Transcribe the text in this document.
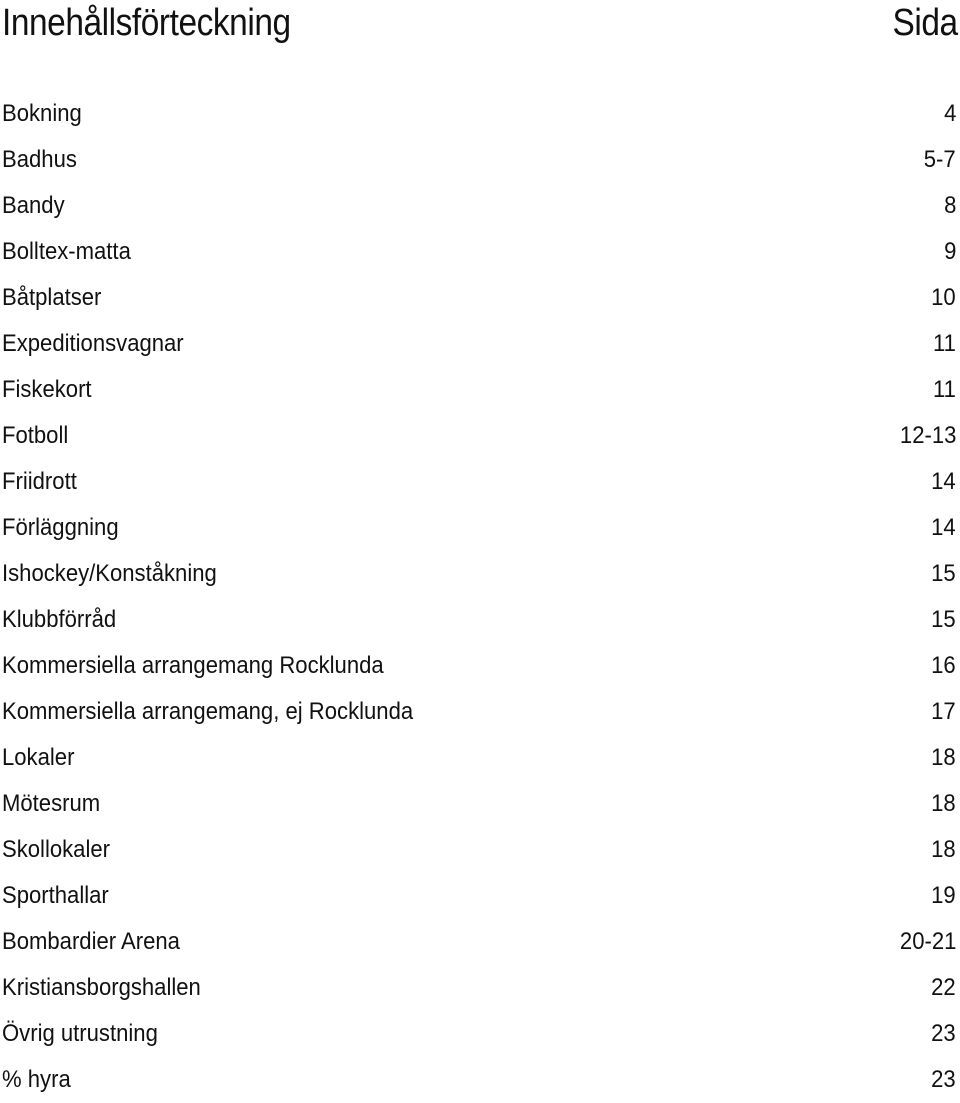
Innehållsförteckning	Sida
Bokning	4
Badhus	5-7
Bandy	8
Bolltex-matta	9
Båtplatser	10
Expeditionsvagnar	11
Fiskekort	11
Fotboll	12-13
Friidrott	14
Förläggning	14
Ishockey/Konståkning	15
Klubbförråd	15
Kommersiella arrangemang Rocklunda	16
Kommersiella arrangemang, ej Rocklunda	17
Lokaler	18
Mötesrum	18
Skollokaler	18
Sporthallar	19
Bombardier Arena	20-21
Kristiansborgshallen	22
Övrig utrustning	23
% hyra	23
